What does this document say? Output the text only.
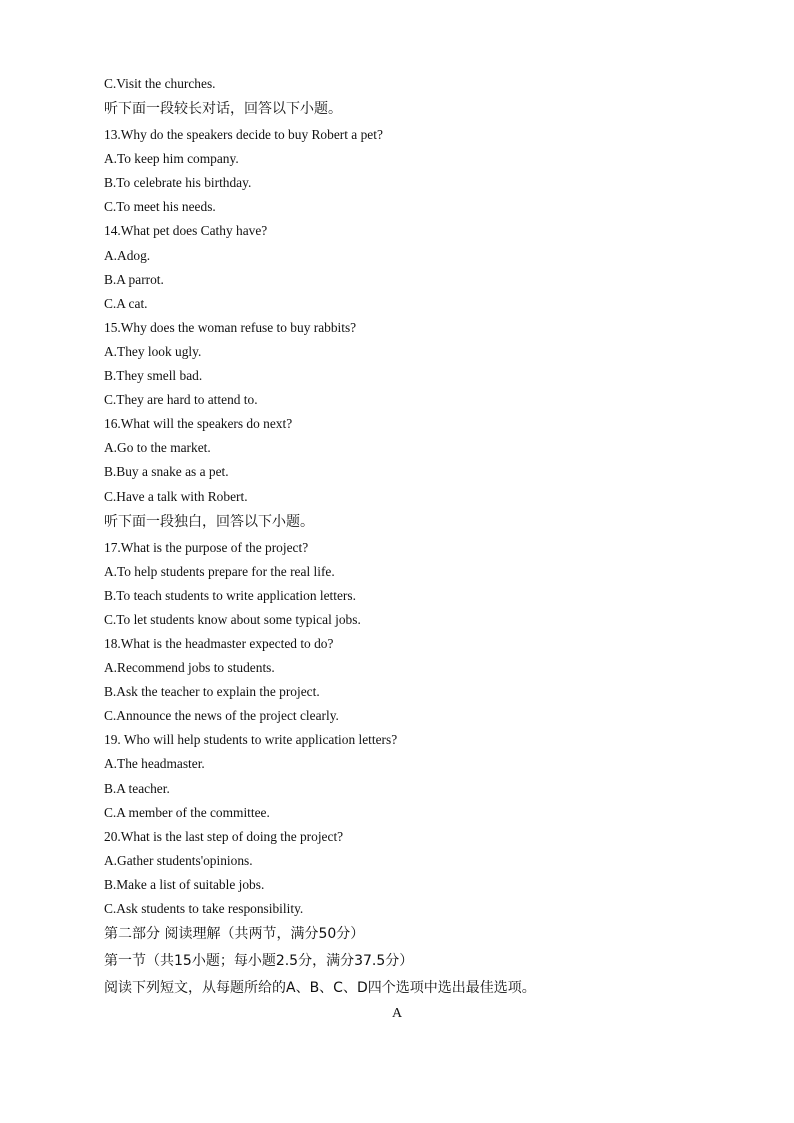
C.Visit the churches.
听下面一段较长对话，回答以下小题。
13.Why do the speakers decide to buy Robert a pet?
A.To keep him company.
B.To celebrate his birthday.
C.To meet his needs.
14.What pet does Cathy have?
A.Adog.
B.A parrot.
C.A cat.
15.Why does the woman refuse to buy rabbits?
A.They look ugly.
B.They smell bad.
C.They are hard to attend to.
16.What will the speakers do next?
A.Go to the market.
B.Buy a snake as a pet.
C.Have a talk with Robert.
听下面一段独白，回答以下小题。
17.What is the purpose of the project?
A.To help students prepare for the real life.
B.To teach students to write application letters.
C.To let students know about some typical jobs.
18.What is the headmaster expected to do?
A.Recommend jobs to students.
B.Ask the teacher to explain the project.
C.Announce the news of the project clearly.
19. Who will help students to write application letters?
A.The headmaster.
B.A teacher.
C.A member of the committee.
20.What is the last step of doing the project?
A.Gather students'opinions.
B.Make a list of suitable jobs.
C.Ask students to take responsibility.
第二部分 阅读理解（共两节，满分50分）
第一节（共15小题；每小题2.5分，满分37.5分）
阅读下列短文，从每题所给的A、B、C、D四个选项中选出最佳选项。
A
